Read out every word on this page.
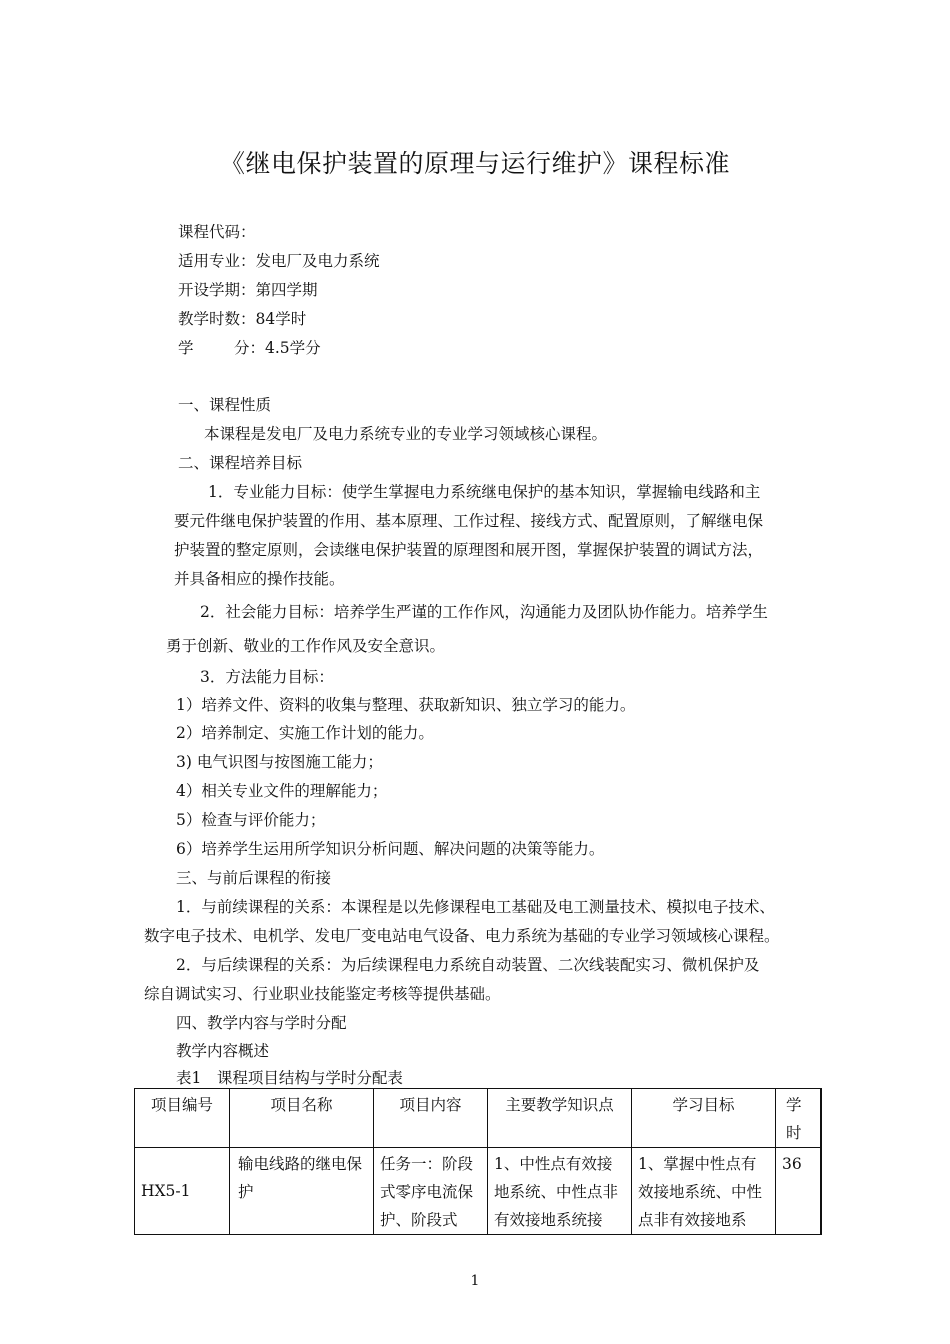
《继电保护装置的原理与运行维护》课程标准
课程代码：
适用专业：发电厂及电力系统
开设学期：第四学期
教学时数：84学时
学	分：4.5学分
一、课程性质
本课程是发电厂及电力系统专业的专业学习领域核心课程。
二、课程培养目标
1．专业能力目标：使学生掌握电力系统继电保护的基本知识，掌握输电线路和主
要元件继电保护装置的作用、基本原理、工作过程、接线方式、配置原则，了解继电保
护装置的整定原则，会读继电保护装置的原理图和展开图，掌握保护装置的调试方法，
并具备相应的操作技能。
2．社会能力目标：培养学生严谨的工作作风，沟通能力及团队协作能力。培养学生
勇于创新、敬业的工作作风及安全意识。
3．方法能力目标：
1）培养文件、资料的收集与整理、获取新知识、独立学习的能力。
2）培养制定、实施工作计划的能力。
3) 电气识图与按图施工能力；
4）相关专业文件的理解能力；
5）检查与评价能力；
6）培养学生运用所学知识分析问题、解决问题的决策等能力。
三、与前后课程的衔接
1．与前续课程的关系：本课程是以先修课程电工基础及电工测量技术、模拟电子技术、
数字电子技术、电机学、发电厂变电站电气设备、电力系统为基础的专业学习领域核心课程。
2．与后续课程的关系：为后续课程电力系统自动装置、二次线装配实习、微机保护及
综自调试实习、行业职业技能鉴定考核等提供基础。
四、教学内容与学时分配
教学内容概述
表1　课程项目结构与学时分配表
项目编号	项目名称	项目内容	主要教学知识点	学习目标	学时
HX5-1	输电线路的继电保护	任务一：阶段式零序电流保护、阶段式	1、中性点有效接地系统、中性点非有效接地系统接	1、掌握中性点有效接地系统、中性点非有效接地系	36
1
